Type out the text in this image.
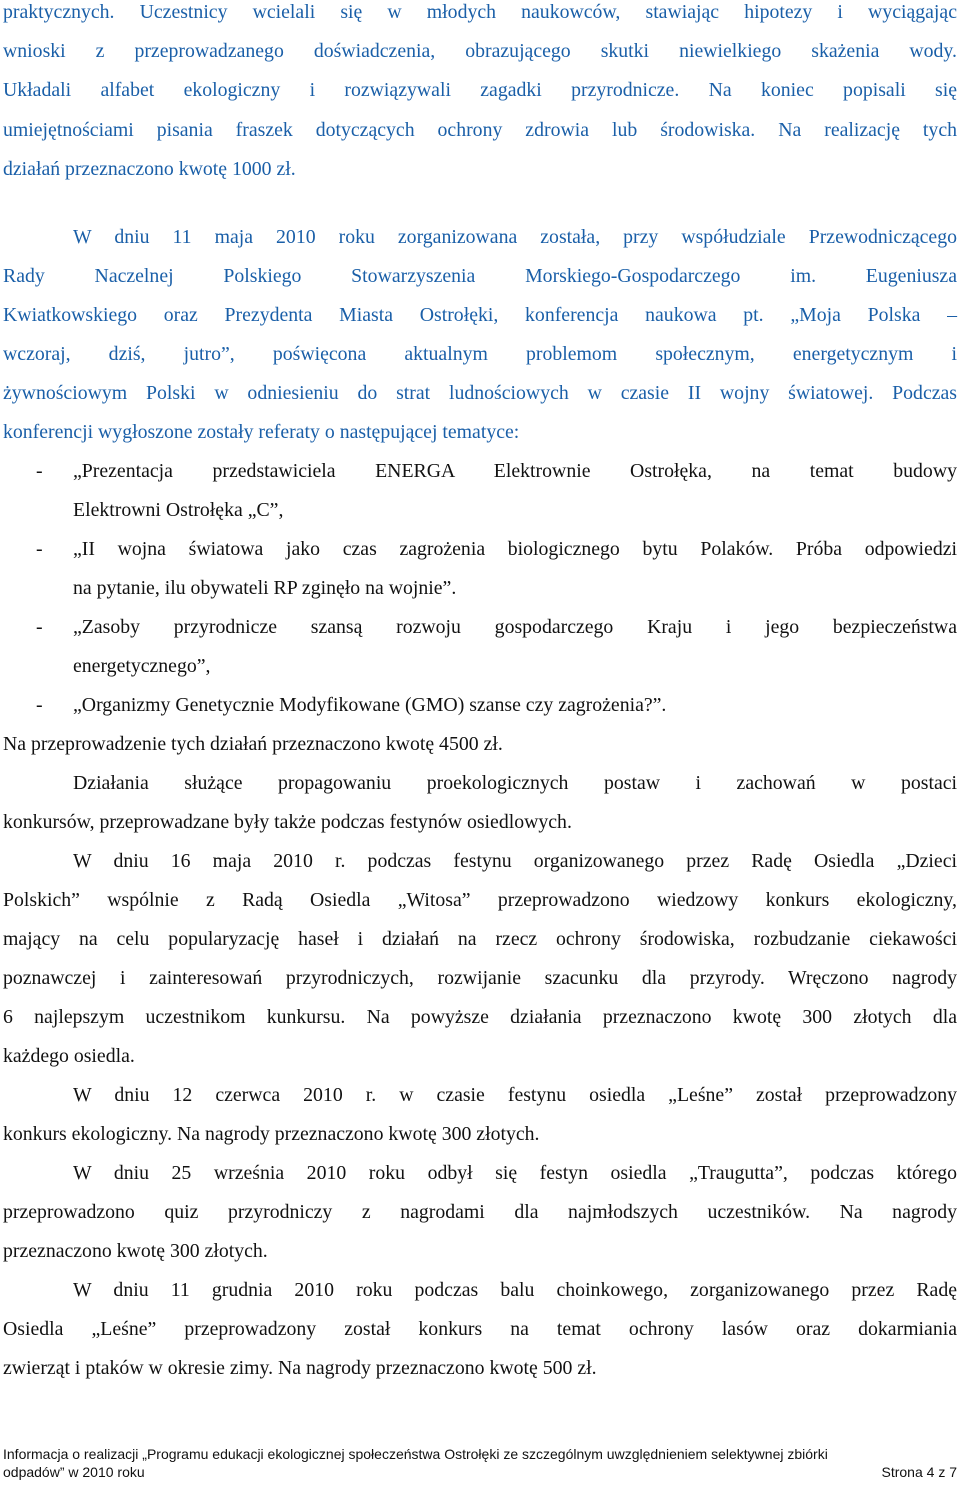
praktycznych. Uczestnicy wcielali się w młodych naukowców, stawiając hipotezy i wyciągając
wnioski z przeprowadzanego doświadczenia, obrazującego skutki niewielkiego skażenia wody.
Układali alfabet ekologiczny i rozwiązywali zagadki przyrodnicze. Na koniec popisali się
umiejętnościami pisania fraszek dotyczących ochrony zdrowia lub środowiska. Na realizację tych
działań przeznaczono kwotę 1000 zł.
W dniu 11 maja 2010 roku zorganizowana została, przy współudziale Przewodniczącego
Rady Naczelnej Polskiego Stowarzyszenia Morskiego-Gospodarczego im. Eugeniusza
Kwiatkowskiego oraz Prezydenta Miasta Ostrołęki, konferencja naukowa pt. „Moja Polska –
wczoraj, dziś, jutro”, poświęcona aktualnym problemom społecznym, energetycznym i
żywnościowym Polski w odniesieniu do strat ludnościowych w czasie II wojny światowej. Podczas
konferencji wygłoszone zostały referaty o następującej tematyce:
-	„Prezentacja przedstawiciela ENERGA Elektrownie Ostrołęka, na temat budowy
Elektrowni Ostrołęka „C”,
-	„II wojna światowa jako czas zagrożenia biologicznego bytu Polaków. Próba odpowiedzi
na pytanie, ilu obywateli RP zginęło na wojnie”.
-	„Zasoby przyrodnicze szansą rozwoju gospodarczego Kraju i jego bezpieczeństwa
energetycznego”,
-	„Organizmy Genetycznie Modyfikowane (GMO) szanse czy zagrożenia?”.
Na przeprowadzenie tych działań przeznaczono kwotę 4500 zł.
Działania służące propagowaniu proekologicznych postaw i zachowań w postaci
konkursów, przeprowadzane były także podczas festynów osiedlowych.
W dniu 16 maja 2010 r. podczas festynu organizowanego przez Radę Osiedla „Dzieci
Polskich” wspólnie z Radą Osiedla „Witosa” przeprowadzono wiedzowy konkurs ekologiczny,
mający na celu popularyzację haseł i działań na rzecz ochrony środowiska, rozbudzanie ciekawości
poznawczej i zainteresowań przyrodniczych, rozwijanie szacunku dla przyrody. Wręczono nagrody
6 najlepszym uczestnikom kunkursu. Na powyższe działania przeznaczono kwotę 300 złotych dla
każdego osiedla.
W dniu 12 czerwca 2010 r. w czasie festynu osiedla „Leśne” został przeprowadzony
konkurs ekologiczny. Na nagrody przeznaczono kwotę 300 złotych.
W dniu 25 września 2010 roku odbył się festyn osiedla „Traugutta”, podczas którego
przeprowadzono quiz przyrodniczy z nagrodami dla najmłodszych uczestników. Na nagrody
przeznaczono kwotę 300 złotych.
W dniu 11 grudnia 2010 roku podczas balu choinkowego, zorganizowanego przez Radę
Osiedla „Leśne” przeprowadzony został konkurs na temat ochrony lasów oraz dokarmiania
zwierząt i ptaków w okresie zimy. Na nagrody przeznaczono kwotę 500 zł.
Informacja o realizacji „Programu edukacji ekologicznej społeczeństwa Ostrołęki ze szczególnym uwzględnieniem selektywnej zbiórki
odpadów” w 2010 roku	Strona 4 z 7
